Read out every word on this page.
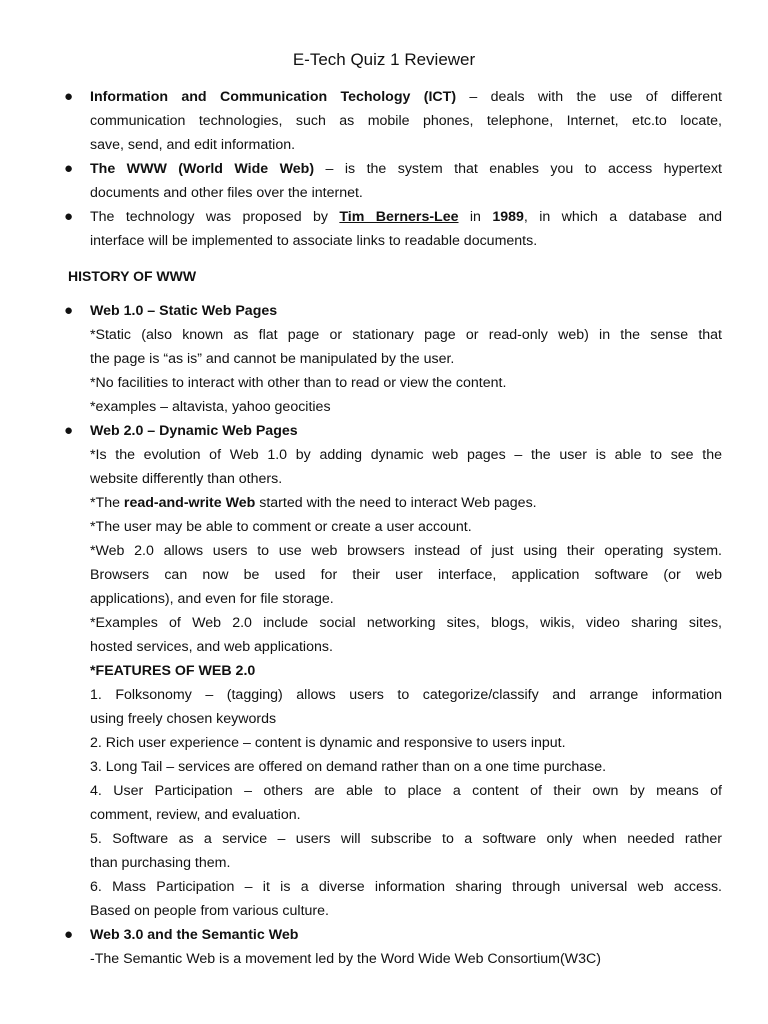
E-Tech Quiz 1 Reviewer
● Information and Communication Techology (ICT) – deals with the use of different
communication technologies, such as mobile phones, telephone, Internet, etc.to locate,
save, send, and edit information.
● The WWW (World Wide Web) – is the system that enables you to access hypertext
documents and other files over the internet.
● The technology was proposed by Tim Berners-Lee in 1989, in which a database and
interface will be implemented to associate links to readable documents.
HISTORY OF WWW
● Web 1.0 – Static Web Pages
*Static (also known as flat page or stationary page or read-only web) in the sense that
the page is “as is” and cannot be manipulated by the user.
*No facilities to interact with other than to read or view the content.
*examples – altavista, yahoo geocities
● Web 2.0 – Dynamic Web Pages
*Is the evolution of Web 1.0 by adding dynamic web pages – the user is able to see the
website differently than others.
*The read-and-write Web started with the need to interact Web pages.
*The user may be able to comment or create a user account.
*Web 2.0 allows users to use web browsers instead of just using their operating system.
Browsers can now be used for their user interface, application software (or web
applications), and even for file storage.
*Examples of Web 2.0 include social networking sites, blogs, wikis, video sharing sites,
hosted services, and web applications.
*FEATURES OF WEB 2.0
1. Folksonomy – (tagging) allows users to categorize/classify and arrange information
using freely chosen keywords
2. Rich user experience – content is dynamic and responsive to users input.
3. Long Tail – services are offered on demand rather than on a one time purchase.
4. User Participation – others are able to place a content of their own by means of
comment, review, and evaluation.
5. Software as a service – users will subscribe to a software only when needed rather
than purchasing them.
6. Mass Participation – it is a diverse information sharing through universal web access.
Based on people from various culture.
● Web 3.0 and the Semantic Web
-The Semantic Web is a movement led by the Word Wide Web Consortium(W3C)
